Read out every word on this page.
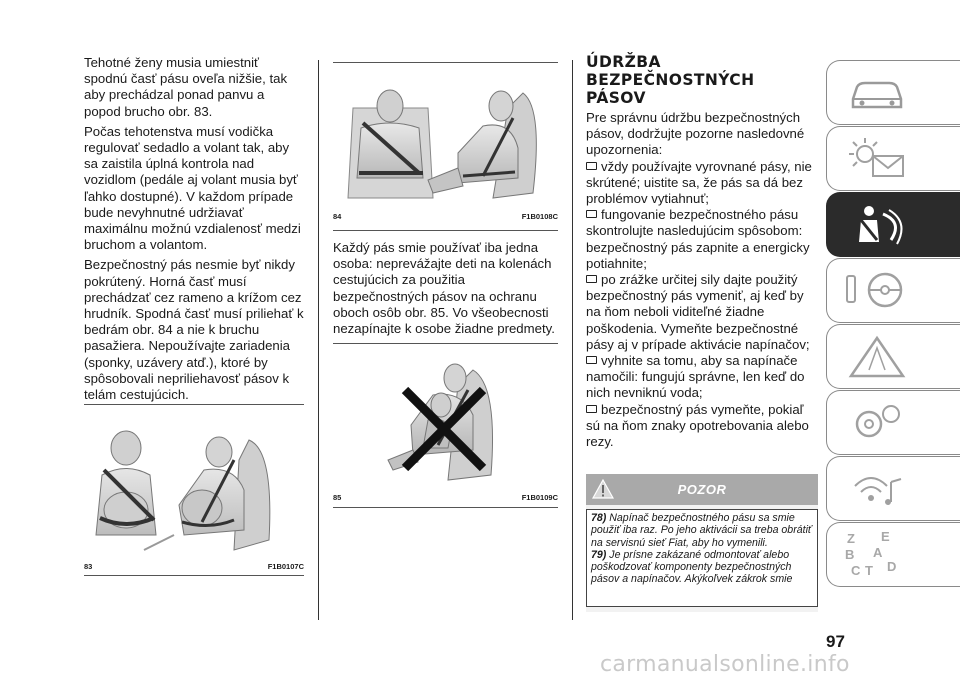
Tehotné ženy musia umiestniť spodnú časť pásu oveľa nižšie, tak aby prechádzal ponad panvu a popod brucho obr. 83.

Počas tehotenstva musí vodička regulovať sedadlo a volant tak, aby sa zaistila úplná kontrola nad vozidlom (pedále aj volant musia byť ľahko dostupné). V každom prípade bude nevyhnutné udržiavať maximálnu možnú vzdialenosť medzi bruchom a volantom.

Bezpečnostný pás nesmie byť nikdy pokrútený. Horná časť musí prechádzať cez rameno a krížom cez hrudník. Spodná časť musí priliehať k bedrám obr. 84 a nie k bruchu pasažiera. Nepoužívajte zariadenia (sponky, uzávery atď.), ktoré by spôsobovali nepriliehavosť pásov k telám cestujúcich.

83	F1B0107C
84	F1B0108C

Každý pás smie používať iba jedna osoba: neprevážajte deti na kolenách cestujúcich za použitia bezpečnostných pásov na ochranu oboch osôb obr. 85. Vo všeobecnosti nezapínajte k osobe žiadne predmety.

85	F1B0109C
ÚDRŽBA
BEZPEČNOSTNÝCH
PÁSOV

Pre správnu údržbu bezpečnostných pásov, dodržujte pozorne nasledovné upozornenia:

vždy používajte vyrovnané pásy, nie skrútené; uistite sa, že pás sa dá bez problémov vytiahnuť;
fungovanie bezpečnostného pásu skontrolujte nasledujúcim spôsobom: bezpečnostný pás zapnite a energicky potiahnite;
po zrážke určitej sily dajte použitý bezpečnostný pás vymeniť, aj keď by na ňom neboli viditeľné žiadne poškodenia. Vymeňte bezpečnostné pásy aj v prípade aktivácie napínačov;
vyhnite sa tomu, aby sa napínače namočili: fungujú správne, len keď do nich nevniknú voda;
bezpečnostný pás vymeňte, pokiaľ sú na ňom znaky opotrebovania alebo rezy.
POZOR

78) Napínač bezpečnostného pásu sa smie použiť iba raz. Po jeho aktivácii sa treba obrátiť na servisnú sieť Fiat, aby ho vymenili.

79) Je prísne zakázané odmontovať alebo poškodzovať komponenty bezpečnostných pásov a napínačov. Akýkoľvek zákrok smie

97
Z E
B A
C T D
carmanualsonline.info
